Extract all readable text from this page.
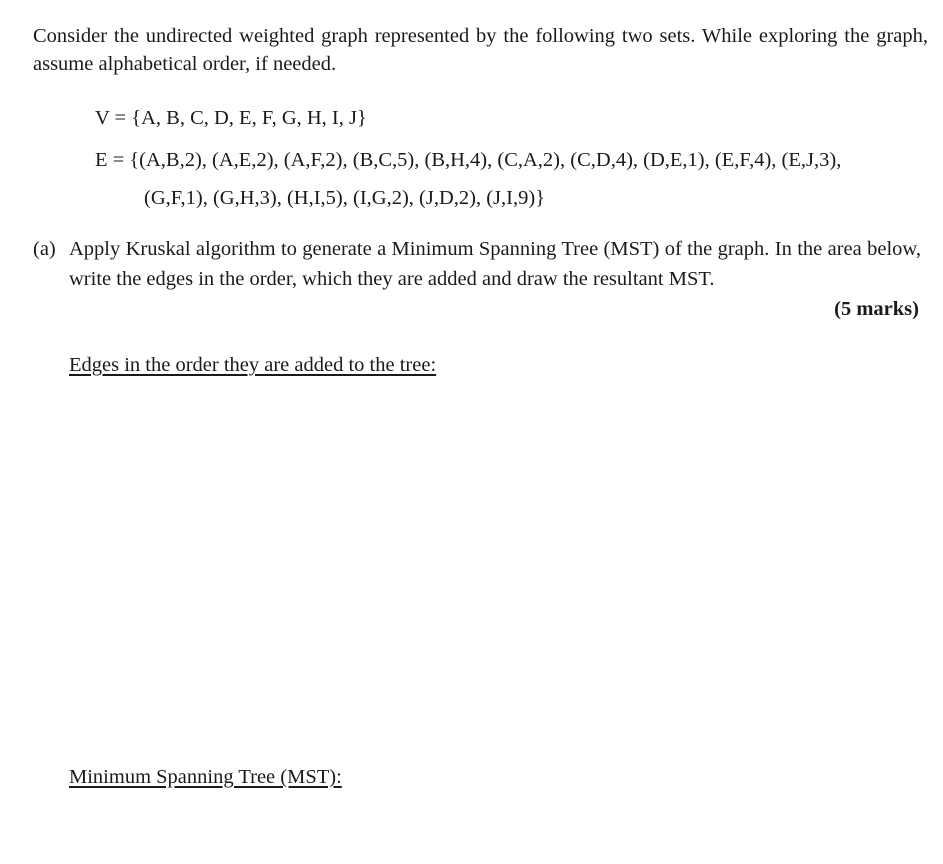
Consider the undirected weighted graph represented by the following two sets. While exploring the graph, assume alphabetical order, if needed.
V = {A, B, C, D, E, F, G, H, I, J}
E = {(A,B,2), (A,E,2), (A,F,2), (B,C,5), (B,H,4), (C,A,2), (C,D,4), (D,E,1), (E,F,4), (E,J,3),
(G,F,1), (G,H,3), (H,I,5), (I,G,2), (J,D,2), (J,I,9)}
(a) Apply Kruskal algorithm to generate a Minimum Spanning Tree (MST) of the graph. In the area below, write the edges in the order, which they are added and draw the resultant MST.
(5 marks)
Edges in the order they are added to the tree:
Minimum Spanning Tree (MST):
